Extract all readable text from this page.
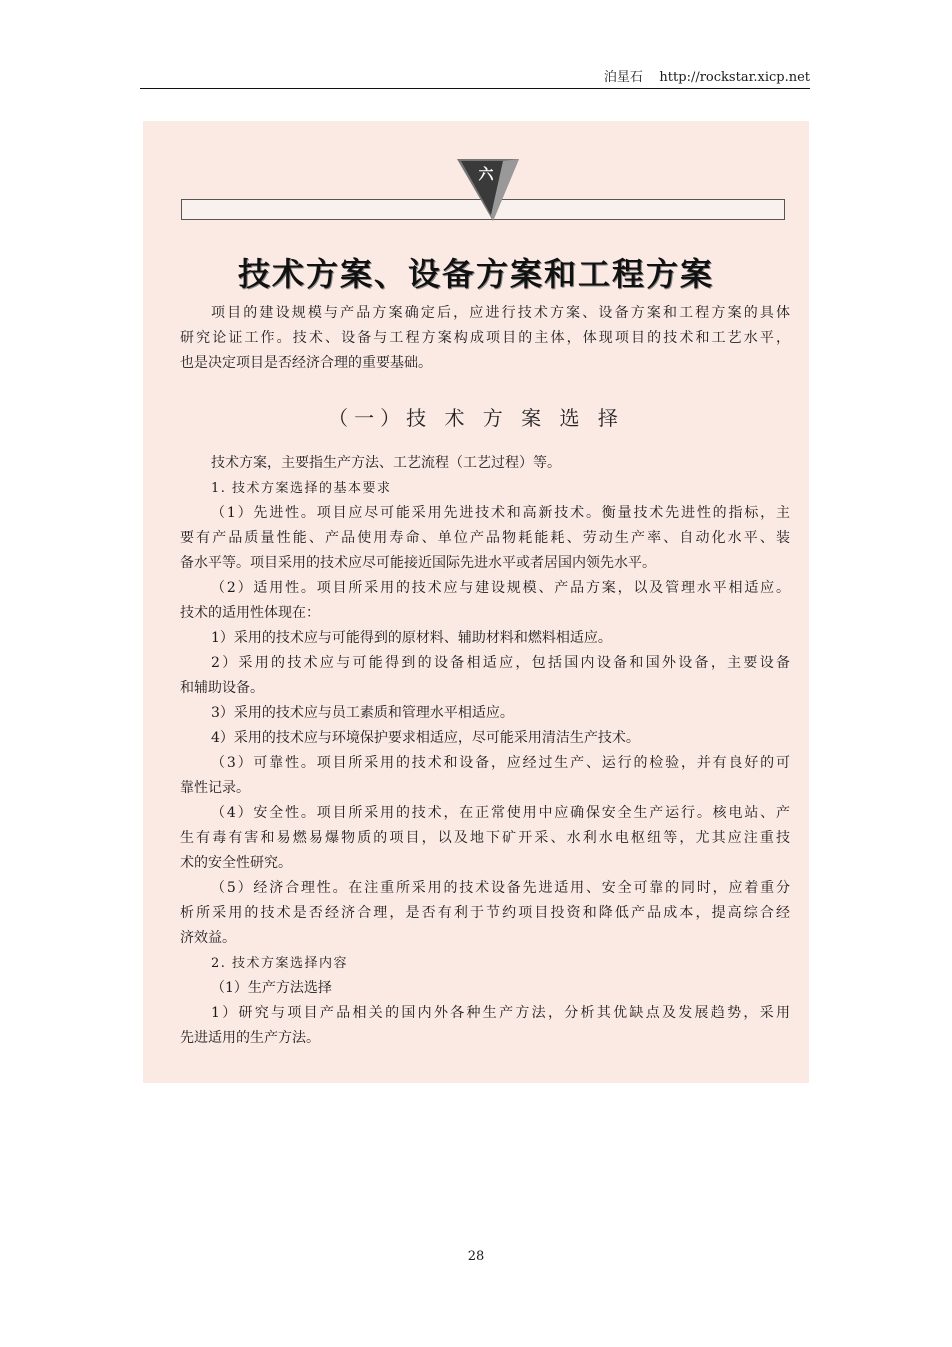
泊星石    http://rockstar.xicp.net
六
技术方案、设备方案和工程方案
项目的建设规模与产品方案确定后，应进行技术方案、设备方案和工程方案的具体
研究论证工作。技术、设备与工程方案构成项目的主体，体现项目的技术和工艺水平，
也是决定项目是否经济合理的重要基础。
（一）技 术 方 案 选 择
技术方案，主要指生产方法、工艺流程（工艺过程）等。
1. 技术方案选择的基本要求
（1）先进性。项目应尽可能采用先进技术和高新技术。衡量技术先进性的指标，主
要有产品质量性能、产品使用寿命、单位产品物耗能耗、劳动生产率、自动化水平、装
备水平等。项目采用的技术应尽可能接近国际先进水平或者居国内领先水平。
（2）适用性。项目所采用的技术应与建设规模、产品方案，以及管理水平相适应。
技术的适用性体现在：
1）采用的技术应与可能得到的原材料、辅助材料和燃料相适应。
2）采用的技术应与可能得到的设备相适应，包括国内设备和国外设备，主要设备
和辅助设备。
3）采用的技术应与员工素质和管理水平相适应。
4）采用的技术应与环境保护要求相适应，尽可能采用清洁生产技术。
（3）可靠性。项目所采用的技术和设备，应经过生产、运行的检验，并有良好的可
靠性记录。
（4）安全性。项目所采用的技术，在正常使用中应确保安全生产运行。核电站、产
生有毒有害和易燃易爆物质的项目，以及地下矿开采、水利水电枢纽等，尤其应注重技
术的安全性研究。
（5）经济合理性。在注重所采用的技术设备先进适用、安全可靠的同时，应着重分
析所采用的技术是否经济合理，是否有利于节约项目投资和降低产品成本，提高综合经
济效益。
2. 技术方案选择内容
（1）生产方法选择
1）研究与项目产品相关的国内外各种生产方法，分析其优缺点及发展趋势，采用
先进适用的生产方法。
28
